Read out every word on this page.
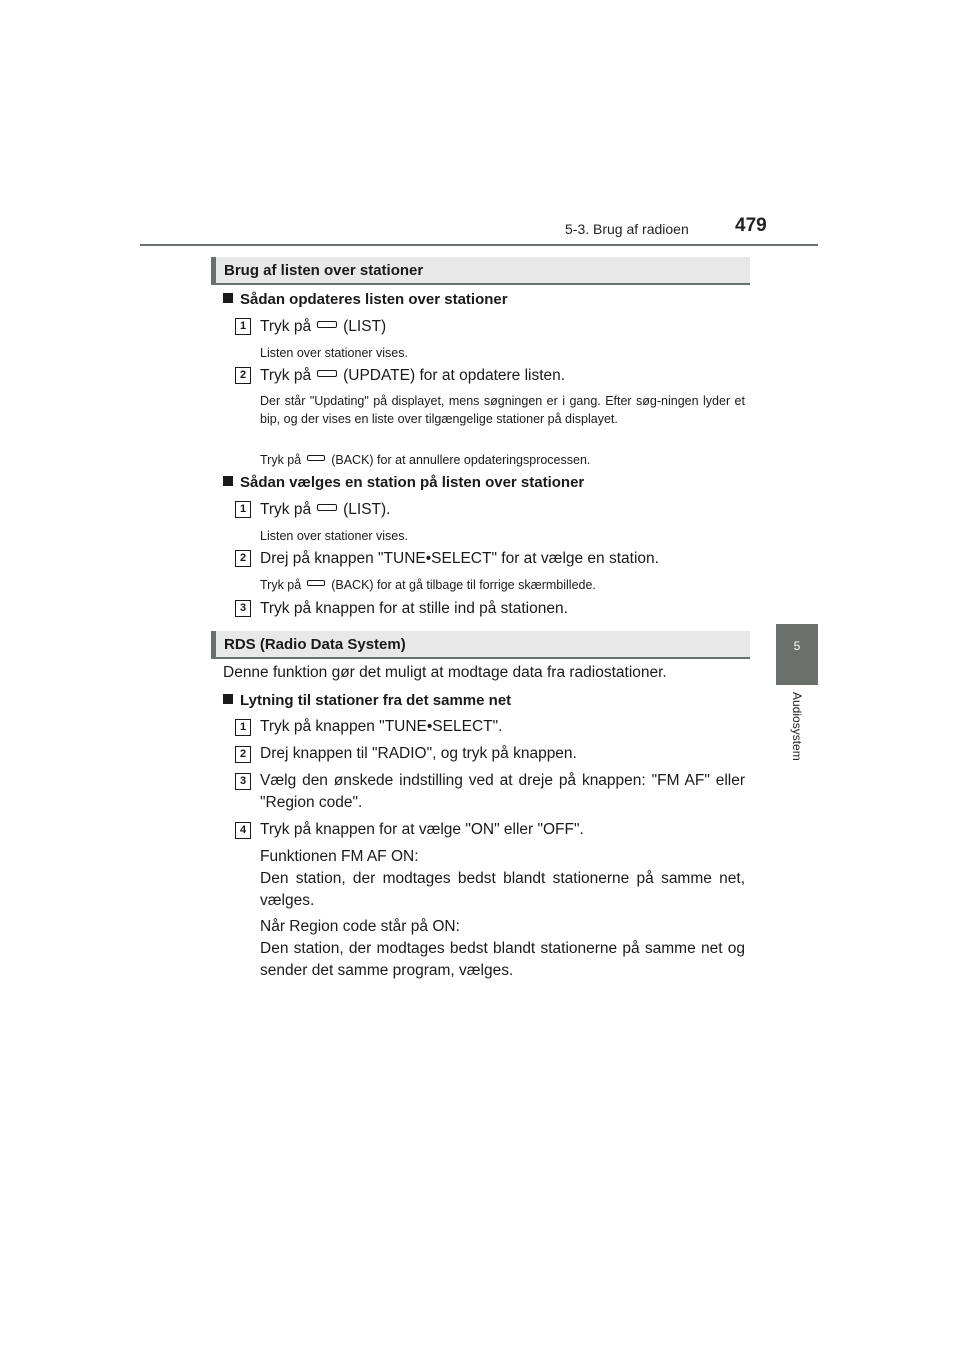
5-3. Brug af radioen 479
5
Audiosystem
Brug af listen over stationer
Sådan opdateres listen over stationer
1 Tryk på (LIST)
Listen over stationer vises.
2 Tryk på (UPDATE) for at opdatere listen.
Der står "Updating" på displayet, mens søgningen er i gang. Efter søg-ningen lyder et bip, og der vises en liste over tilgængelige stationer på displayet.
Tryk på (BACK) for at annullere opdateringsprocessen.
Sådan vælges en station på listen over stationer
1 Tryk på (LIST).
Listen over stationer vises.
2 Drej på knappen "TUNE•SELECT" for at vælge en station.
Tryk på (BACK) for at gå tilbage til forrige skærmbillede.
3 Tryk på knappen for at stille ind på stationen.
RDS (Radio Data System)
Denne funktion gør det muligt at modtage data fra radiostationer.
Lytning til stationer fra det samme net
1 Tryk på knappen "TUNE•SELECT".
2 Drej knappen til "RADIO", og tryk på knappen.
3 Vælg den ønskede indstilling ved at dreje på knappen: "FM AF" eller "Region code".
4 Tryk på knappen for at vælge "ON" eller "OFF".
Funktionen FM AF ON:
Den station, der modtages bedst blandt stationerne på samme net, vælges.
Når Region code står på ON:
Den station, der modtages bedst blandt stationerne på samme net og sender det samme program, vælges.
